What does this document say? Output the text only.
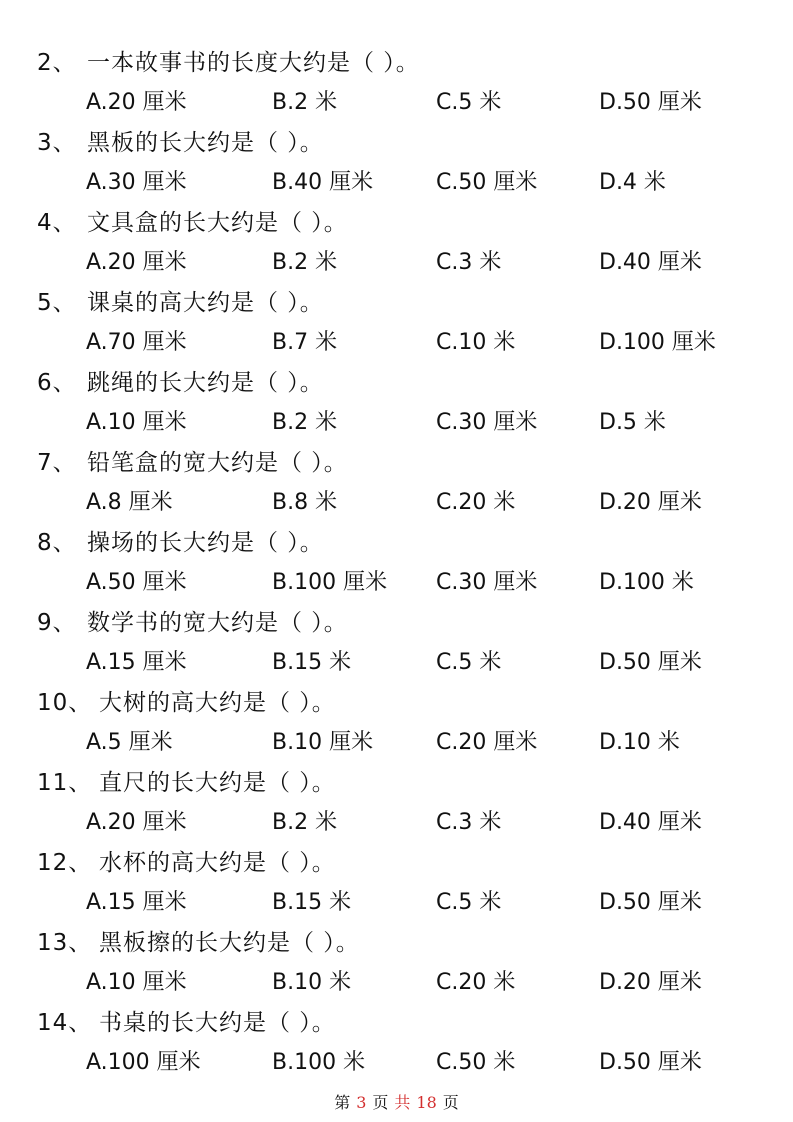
2、 一本故事书的长度大约是（ ）。
A.20 厘米	B.2 米	C.5 米	D.50 厘米
3、 黑板的长大约是（ ）。
A.30 厘米	B.40 厘米	C.50 厘米	D.4 米
4、 文具盒的长大约是（ ）。
A.20 厘米	B.2 米	C.3 米	D.40 厘米
5、 课桌的高大约是（ ）。
A.70 厘米	B.7 米	C.10 米	D.100 厘米
6、 跳绳的长大约是（ ）。
A.10 厘米	B.2 米	C.30 厘米	D.5 米
7、 铅笔盒的宽大约是（ ）。
A.8 厘米	B.8 米	C.20 米	D.20 厘米
8、 操场的长大约是（ ）。
A.50 厘米	B.100 厘米 C.30 厘米	D.100 米
9、 数学书的宽大约是（ ）。
A.15 厘米	B.15 米	C.5 米	D.50 厘米
10、 大树的高大约是（ ）。
A.5 厘米	B.10 厘米	C.20 厘米	D.10 米
11、 直尺的长大约是（ ）。
A.20 厘米	B.2 米	C.3 米	D.40 厘米
12、 水杯的高大约是（ ）。
A.15 厘米	B.15 米	C.5 米	D.50 厘米
13、 黑板擦的长大约是（ ）。
A.10 厘米	B.10 米	C.20 米	D.20 厘米
14、 书桌的长大约是（ ）。
A.100 厘米	B.100 米	C.50 米	D.50 厘米
第 3 页 共 18 页
